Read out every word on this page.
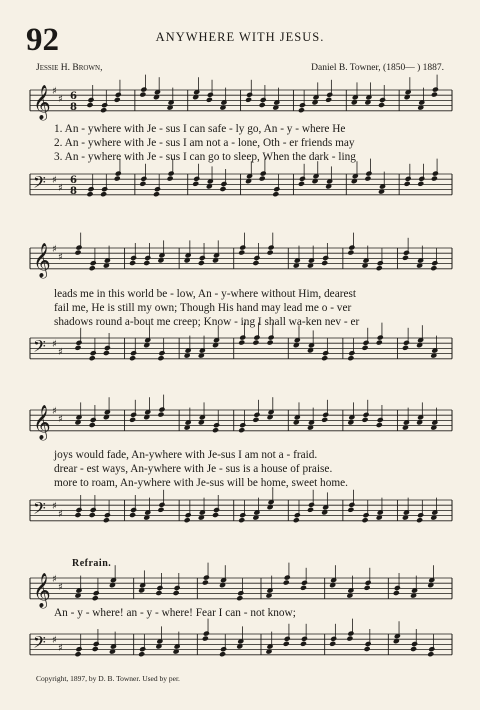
92	ANYWHERE WITH JESUS.
Jessie H. Brown,	Daniel B. Towner, (1850— ) 1887.
𝄞 ♯
♯ 6
8
1. An - ywhere with Je - sus I can safe - ly go, An - y - where He
2. An - ywhere with Je - sus I am not a - lone, Oth - er friends may
3. An - ywhere with Je - sus I can go to sleep, When the dark - ling
𝄢 ♯
♯
6
8
𝄞 ♯
♯
leads me in this world be - low, An - y-where without Him, dearest
fail me, He is still my own; Though His hand may lead me o - ver
shadows round a-bout me creep; Know - ing I shall wa-ken nev - er
𝄢 ♯
♯
𝄞 ♯
♯
joys would fade, An-ywhere with Je-sus I am not a - fraid.
drear - est ways, An-ywhere with Je - sus is a house of praise.
more to roam, An-ywhere with Je-sus will be home, sweet home.
𝄢 ♯
♯
Refrain.
𝄞 ♯
♯
An - y - where! an - y - where! Fear I can - not know;
𝄢 ♯
♯
Copyright, 1897, by D. B. Towner. Used by per.
